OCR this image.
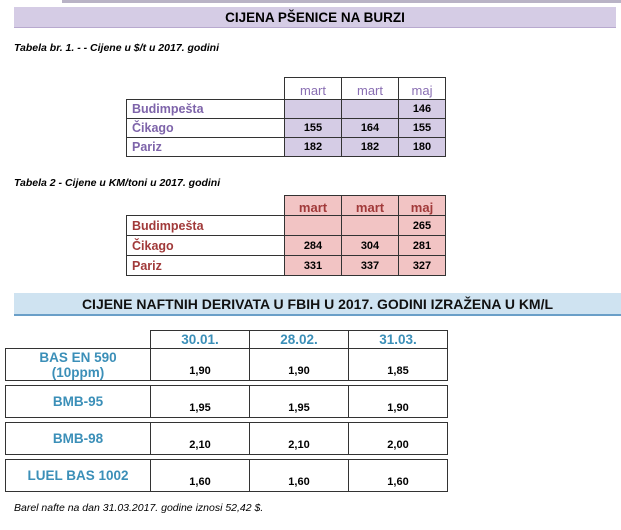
CIJENA PŠENICE NA BURZI
Tabela br. 1. - - Cijene u $/t u 2017. godini
	mart	mart	maj
Budimpešta			146
Čikago	155	164	155
Pariz	182	182	180
Tabela 2 - Cijene u KM/toni u 2017. godini
	mart	mart	maj
Budimpešta			265
Čikago	284	304	281
Pariz	331	337	327
CIJENE NAFTNIH DERIVATA U FBIH U 2017. GODINI IZRAŽENA U KM/L
	30.01.	28.02.	31.03.
BAS EN 590
(10ppm)	1,90	1,90	1,85

BMB-95	1,95	1,95	1,90

BMB-98	2,10	2,10	2,00

LUEL BAS 1002	1,60	1,60	1,60
Barel nafte na dan 31.03.2017. godine iznosi 52,42 $.
